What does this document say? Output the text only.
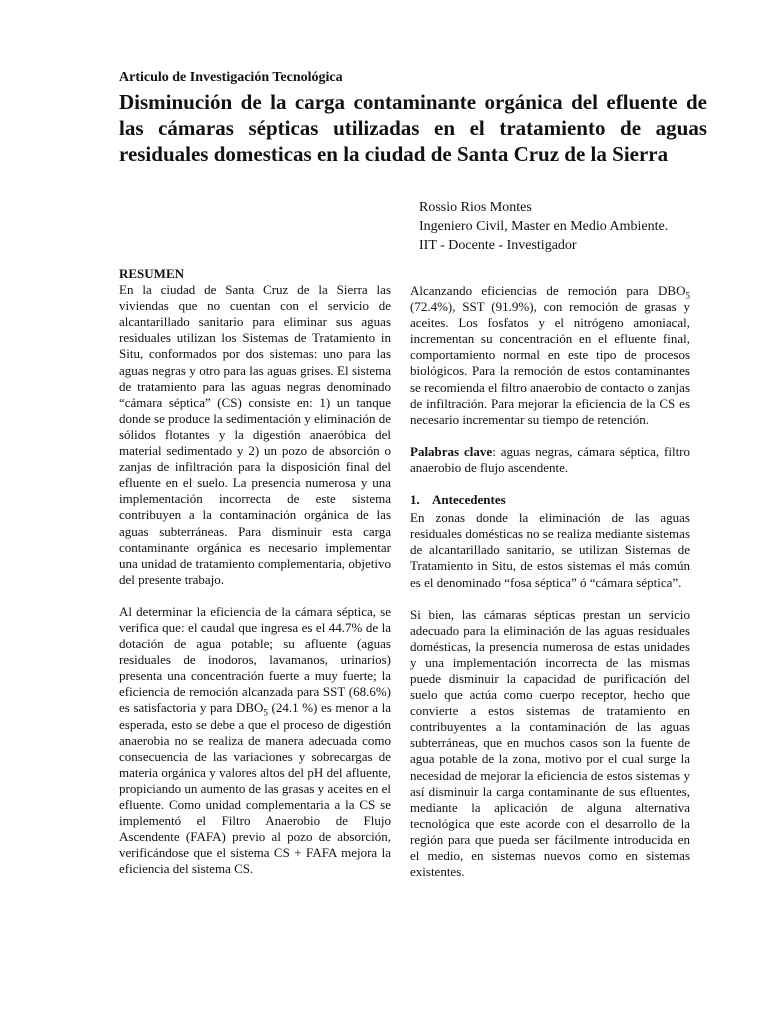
Articulo de Investigación Tecnológica
Disminución de la carga contaminante orgánica del efluente de las cámaras sépticas utilizadas en el tratamiento de aguas residuales domesticas en la ciudad de Santa Cruz de la Sierra
Rossio Rios Montes
Ingeniero Civil, Master en Medio Ambiente.
IIT - Docente - Investigador

RESUMEN
En la ciudad de Santa Cruz de la Sierra las viviendas que no cuentan con el servicio de alcantarillado sanitario para eliminar sus aguas residuales utilizan los Sistemas de Tratamiento in Situ, conformados por dos sistemas: uno para las aguas negras y otro para las aguas grises. El sistema de tratamiento para las aguas negras denominado “cámara séptica” (CS) consiste en: 1) un tanque donde se produce la sedimentación y eliminación de sólidos flotantes y la digestión anaeróbica del material sedimentado y 2) un pozo de absorción o zanjas de infiltración para la disposición final del efluente en el suelo. La presencia numerosa y una implementación incorrecta de este sistema contribuyen a la contaminación orgánica de las aguas subterráneas. Para disminuir esta carga contaminante orgánica es necesario implementar una unidad de tratamiento complementaria, objetivo del presente trabajo.

Al determinar la eficiencia de la cámara séptica, se verifica que: el caudal que ingresa es el 44.7% de la dotación de agua potable; su afluente (aguas residuales de inodoros, lavamanos, urinarios) presenta una concentración fuerte a muy fuerte; la eficiencia de remoción alcanzada para SST (68.6%) es satisfactoria y para $DBO_5$ (24.1 %) es menor a la esperada, esto se debe a que el proceso de digestión anaerobia no se realiza de manera adecuada como consecuencia de las variaciones y sobrecargas de materia orgánica y valores altos del pH del afluente, propiciando un aumento de las grasas y aceites en el efluente. Como unidad complementaria a la CS se implementó el Filtro Anaerobio de Flujo Ascendente (FAFA) previo al pozo de absorción, verificándose que el sistema CS + FAFA mejora la eficiencia del sistema CS.

Alcanzando eficiencias de remoción para $DBO_5$ (72.4%), SST (91.9%), con remoción de grasas y aceites. Los fosfatos y el nitrógeno amoniacal, incrementan su concentración en el efluente final, comportamiento normal en este tipo de procesos biológicos. Para la remoción de estos contaminantes se recomienda el filtro anaerobio de contacto o zanjas de infiltración. Para mejorar la eficiencia de la CS es necesario incrementar su tiempo de retención.

Palabras clave: aguas negras, cámara séptica, filtro anaerobio de flujo ascendente.

1. Antecedentes

En zonas donde la eliminación de las aguas residuales domésticas no se realiza mediante sistemas de alcantarillado sanitario, se utilizan Sistemas de Tratamiento in Situ, de estos sistemas el más común es el denominado “fosa séptica” ó “cámara séptica”.

Si bien, las cámaras sépticas prestan un servicio adecuado para la eliminación de las aguas residuales domésticas, la presencia numerosa de estas unidades y una implementación incorrecta de las mismas puede disminuir la capacidad de purificación del suelo que actúa como cuerpo receptor, hecho que convierte a estos sistemas de tratamiento en contribuyentes a la contaminación de las aguas subterráneas, que en muchos casos son la fuente de agua potable de la zona, motivo por el cual surge la necesidad de mejorar la eficiencia de estos sistemas y así disminuir la carga contaminante de sus efluentes, mediante la aplicación de alguna alternativa tecnológica que este acorde con el desarrollo de la región para que pueda ser fácilmente introducida en el medio, en sistemas nuevos como en sistemas existentes.
